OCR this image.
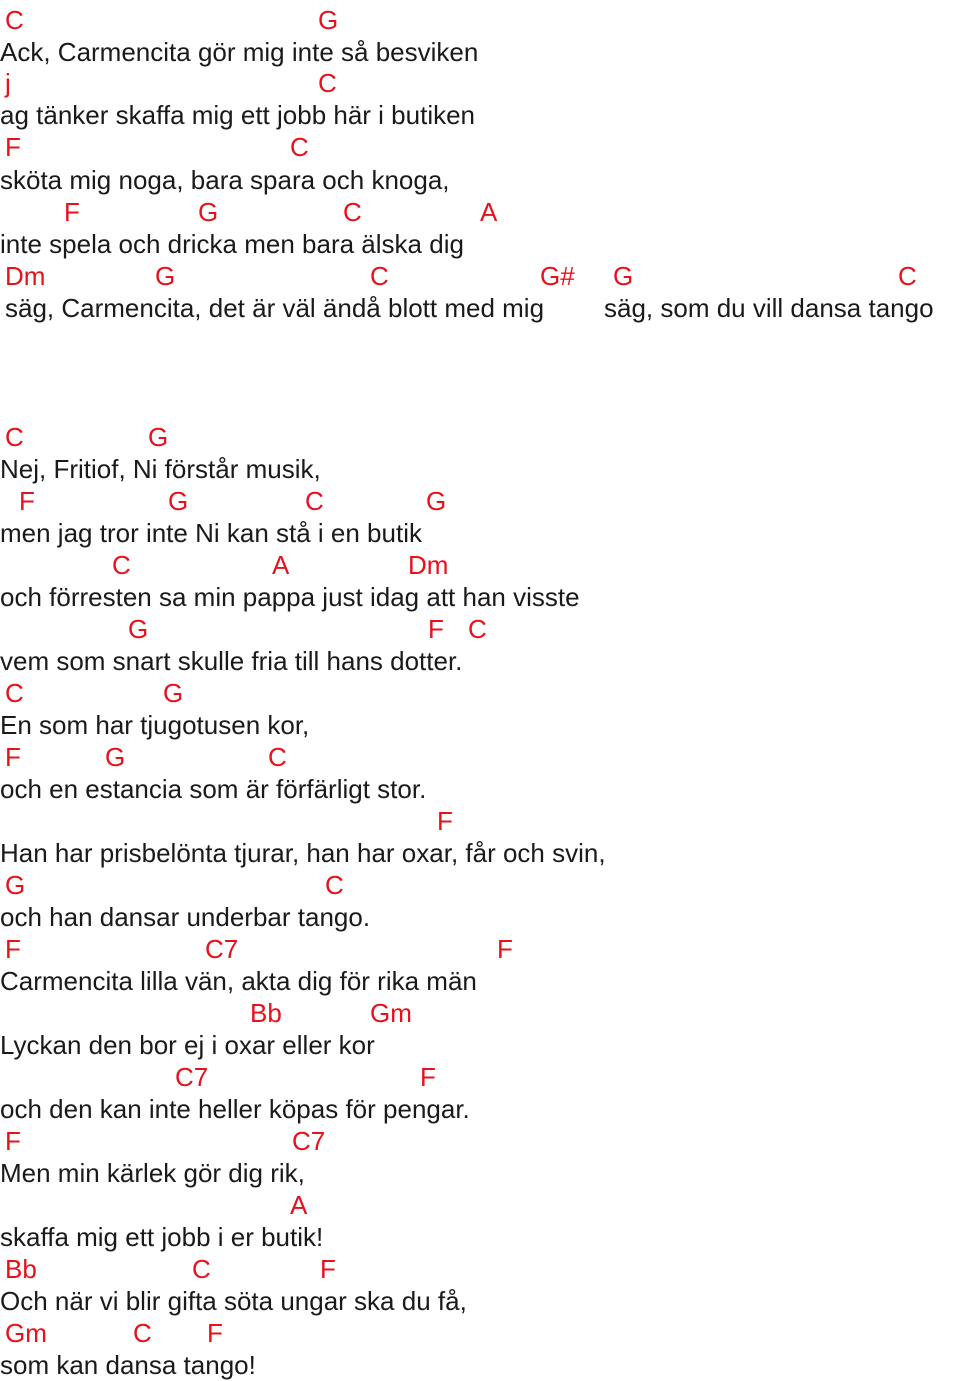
C	G
Ack, Carmencita gör mig inte så besviken
j	C
ag tänker skaffa mig ett jobb här i butiken
F	C
sköta mig noga, bara spara och knoga,
F	G	C	A
inte spela och dricka men bara älska dig
Dm	G	C	G# G	C
säg, Carmencita, det är väl ändå blott med mig säg, som du vill dansa tango
C	G
Nej, Fritiof, Ni förstår musik,
F	G	C	G
men jag tror inte Ni kan stå i en butik
C	A	Dm
och förresten sa min pappa just idag att han visste
G	F C
vem som snart skulle fria till hans dotter.
C	G
En som har tjugotusen kor,
F	G	C
och en estancia som är förfärligt stor.
F
Han har prisbelönta tjurar, han har oxar, får och svin,
G	C
och han dansar underbar tango.
F	C7	F
Carmencita lilla vän, akta dig för rika män
Bb	Gm
Lyckan den bor ej i oxar eller kor
C7	F
och den kan inte heller köpas för pengar.
F	C7
Men min kärlek gör dig rik,
A
skaffa mig ett jobb i er butik!
Bb	C	F
Och när vi blir gifta söta ungar ska du få,
Gm	C F
som kan dansa tango!
